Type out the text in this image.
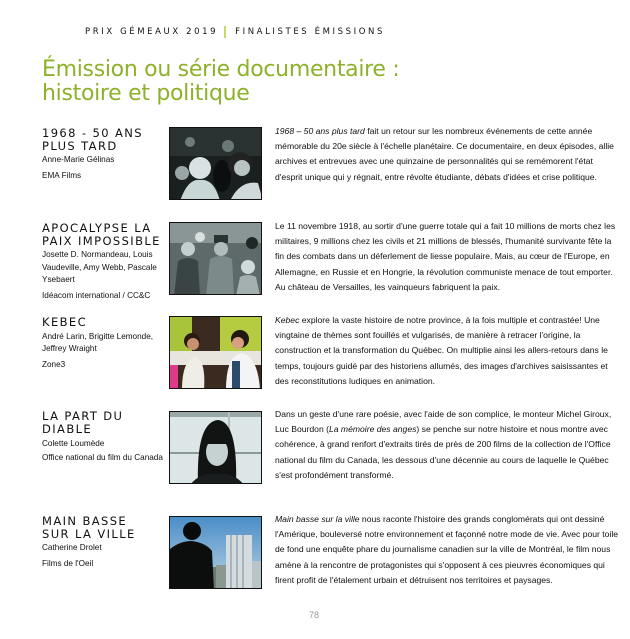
PRIX GÉMEAUX 2019 FINALISTES ÉMISSIONS
Émission ou série documentaire :
histoire et politique
1968 - 50 ANS
PLUS TARD
Anne-Marie Gélinas
EMA Films
1968 – 50 ans plus tard fait un retour sur les nombreux événements de cette année mémorable du 20e siècle à l'échelle planétaire. Ce documentaire, en deux épisodes, allie archives et entrevues avec une quinzaine de personnalités qui se remémorent l'état d'esprit unique qui y régnait, entre révolte étudiante, débats d'idées et crise politique.
APOCALYPSE LA
PAIX IMPOSSIBLE
Josette D. Normandeau, Louis Vaudeville, Amy Webb, Pascale Ysebaert
Idéacom international / CC&C
Le 11 novembre 1918, au sortir d'une guerre totale qui a fait 10 millions de morts chez les militaires, 9 millions chez les civils et 21 millions de blessés, l'humanité survivante fête la fin des combats dans un déferlement de liesse populaire. Mais, au cœur de l'Europe, en Allemagne, en Russie et en Hongrie, la révolution communiste menace de tout emporter. Au château de Versailles, les vainqueurs fabriquent la paix.
KEBEC
André Larin, Brigitte Lemonde, Jeffrey Wraight
Zone3
Kebec explore la vaste histoire de notre province, à la fois multiple et contrastée! Une vingtaine de thèmes sont fouillés et vulgarisés, de manière à retracer l'origine, la construction et la transformation du Québec. On multiplie ainsi les allers-retours dans le temps, toujours guidé par des historiens allumés, des images d'archives saisissantes et des reconstitutions ludiques en animation.
LA PART DU DIABLE
Colette Loumède
Office national du film du Canada
Dans un geste d'une rare poésie, avec l'aide de son complice, le monteur Michel Giroux, Luc Bourdon (La mémoire des anges) se penche sur notre histoire et nous montre avec cohérence, à grand renfort d'extraits tirés de près de 200 films de la collection de l'Office national du film du Canada, les dessous d'une décennie au cours de laquelle le Québec s'est profondément transformé.
MAIN BASSE
SUR LA VILLE
Catherine Drolet
Films de l'Oeil
Main basse sur la ville nous raconte l'histoire des grands conglomérats qui ont dessiné l'Amérique, bouleversé notre environnement et façonné notre mode de vie. Avec pour toile de fond une enquête phare du journalisme canadien sur la ville de Montréal, le film nous amène à la rencontre de protagonistes qui s'opposent à ces pieuvres économiques qui firent profit de l'étalement urbain et détruisent nos territoires et paysages.
78
